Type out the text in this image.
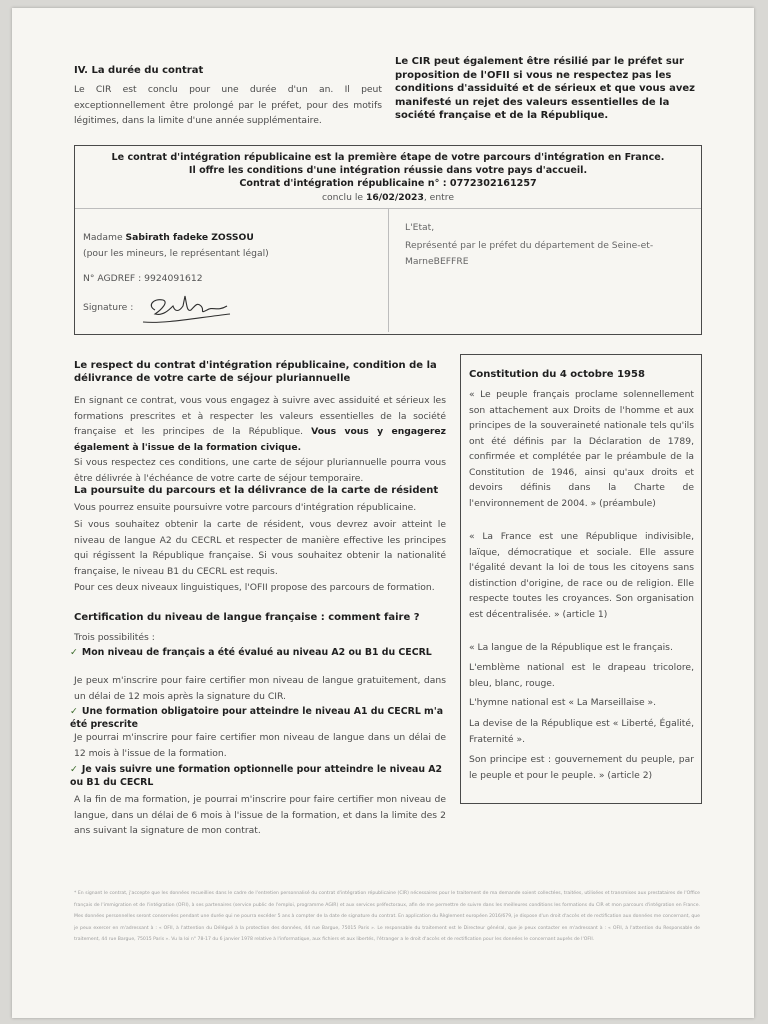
IV. La durée du contrat
Le CIR est conclu pour une durée d'un an. Il peut exceptionnellement être prolongé par le préfet, pour des motifs légitimes, dans la limite d'une année supplémentaire.
Le CIR peut également être résilié par le préfet sur proposition de l'OFII si vous ne respectez pas les conditions d'assiduité et de sérieux et que vous avez manifesté un rejet des valeurs essentielles de la société française et de la République.
Le contrat d'intégration républicaine est la première étape de votre parcours d'intégration en France.
Il offre les conditions d'une intégration réussie dans votre pays d'accueil.
Contrat d'intégration républicaine n° : 0772302161257
conclu le 16/02/2023, entre
Madame Sabirath fadeke ZOSSOU
(pour les mineurs, le représentant légal)
N° AGDREF : 9924091612
Signature :
L'Etat,
Représenté par le préfet du département de Seine-et-MarneBEFFRE
Le respect du contrat d'intégration républicaine, condition de la délivrance de votre carte de séjour pluriannuelle
En signant ce contrat, vous vous engagez à suivre avec assiduité et sérieux les formations prescrites et à respecter les valeurs essentielles de la société française et les principes de la République. Vous vous y engagerez également à l'issue de la formation civique.
Si vous respectez ces conditions, une carte de séjour pluriannuelle pourra vous être délivrée à l'échéance de votre carte de séjour temporaire.
La poursuite du parcours et la délivrance de la carte de résident
Vous pourrez ensuite poursuivre votre parcours d'intégration républicaine.
Si vous souhaitez obtenir la carte de résident, vous devrez avoir atteint le niveau de langue A2 du CECRL et respecter de manière effective les principes qui régissent la République française. Si vous souhaitez obtenir la nationalité française, le niveau B1 du CECRL est requis.
Pour ces deux niveaux linguistiques, l'OFII propose des parcours de formation.
Certification du niveau de langue française : comment faire ?
Trois possibilités :
✓ Mon niveau de français a été évalué au niveau A2 ou B1 du CECRL
Je peux m'inscrire pour faire certifier mon niveau de langue gratuitement, dans un délai de 12 mois après la signature du CIR.
✓ Une formation obligatoire pour atteindre le niveau A1 du CECRL m'a été prescrite
Je pourrai m'inscrire pour faire certifier mon niveau de langue dans un délai de 12 mois à l'issue de la formation.
✓ Je vais suivre une formation optionnelle pour atteindre le niveau A2 ou B1 du CECRL
A la fin de ma formation, je pourrai m'inscrire pour faire certifier mon niveau de langue, dans un délai de 6 mois à l'issue de la formation, et dans la limite des 2 ans suivant la signature de mon contrat.
Constitution du 4 octobre 1958
« Le peuple français proclame solennellement son attachement aux Droits de l'homme et aux principes de la souveraineté nationale tels qu'ils ont été définis par la Déclaration de 1789, confirmée et complétée par le préambule de la Constitution de 1946, ainsi qu'aux droits et devoirs définis dans la Charte de l'environnement de 2004. » (préambule)
« La France est une République indivisible, laïque, démocratique et sociale. Elle assure l'égalité devant la loi de tous les citoyens sans distinction d'origine, de race ou de religion. Elle respecte toutes les croyances. Son organisation est décentralisée. » (article 1)
« La langue de la République est le français.
L'emblème national est le drapeau tricolore, bleu, blanc, rouge.
L'hymne national est « La Marseillaise ».
La devise de la République est « Liberté, Égalité, Fraternité ».
Son principe est : gouvernement du peuple, par le peuple et pour le peuple. » (article 2)
* En signant le contrat, j'accepte que les données recueillies dans le cadre de l'entretien personnalisé du contrat d'intégration républicaine (CIR) nécessaires pour le traitement de ma demande soient collectées, traitées, utilisées et transmises aux prestataires de l'Office français de l'immigration et de l'intégration (OFII), à ses partenaires (service public de l'emploi, programme AGIR) et aux services préfectoraux, afin de me permettre de suivre dans les meilleures conditions les formations du CIR et mon parcours d'intégration en France. Mes données personnelles seront conservées pendant une durée qui ne pourra excéder 5 ans à compter de la date de signature du contrat. En application du Règlement européen 2016/679, je dispose d'un droit d'accès et de rectification aux données me concernant, que je peux exercer en m'adressant à : « OFII, à l'attention du Délégué à la protection des données, 44 rue Bargue, 75015 Paris ». Le responsable du traitement est le Directeur général, que je peux contacter en m'adressant à : « OFII, à l'attention du Responsable de traitement, 44 rue Bargue, 75015 Paris ». Vu la loi n° 78-17 du 6 janvier 1978 relative à l'informatique, aux fichiers et aux libertés, l'étranger a le droit d'accès et de rectification pour les données le concernant auprès de l'OFII.
